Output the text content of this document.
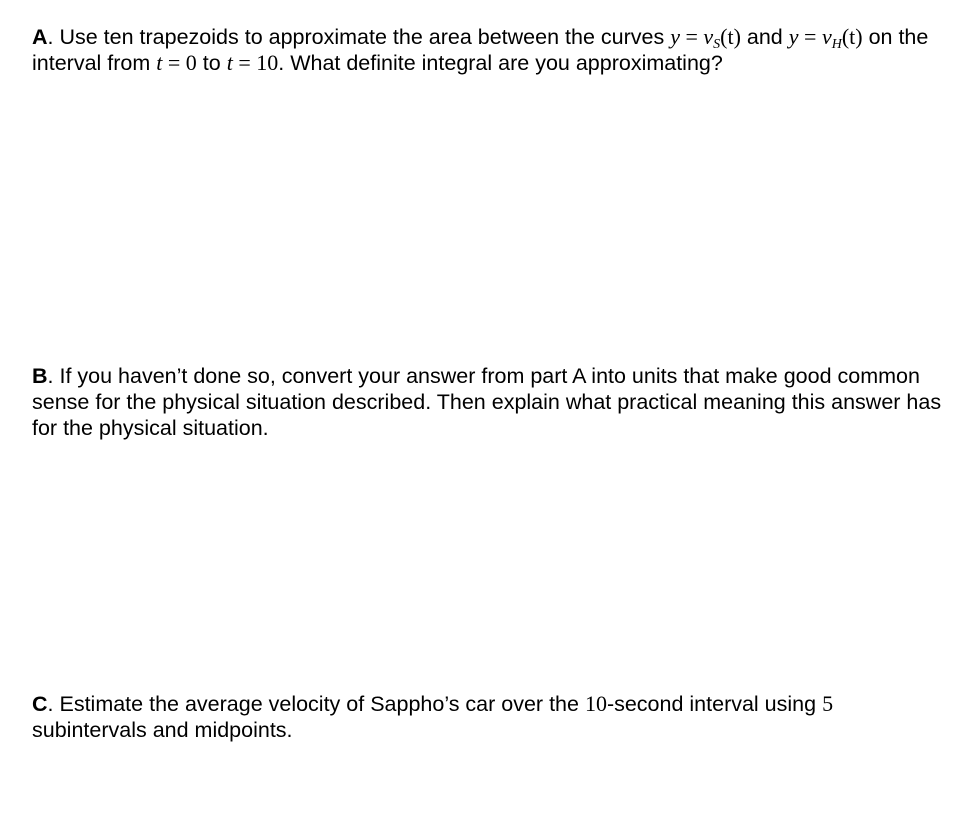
A. Use ten trapezoids to approximate the area between the curves $y = v_S(t)$ and $y = v_H(t)$ on the interval from t = 0 to t = 10. What definite integral are you approximating?

B. If you haven’t done so, convert your answer from part A into units that make good common sense for the physical situation described. Then explain what practical meaning this answer has for the physical situation.

C. Estimate the average velocity of Sappho’s car over the 10-second interval using 5 subintervals and midpoints.
